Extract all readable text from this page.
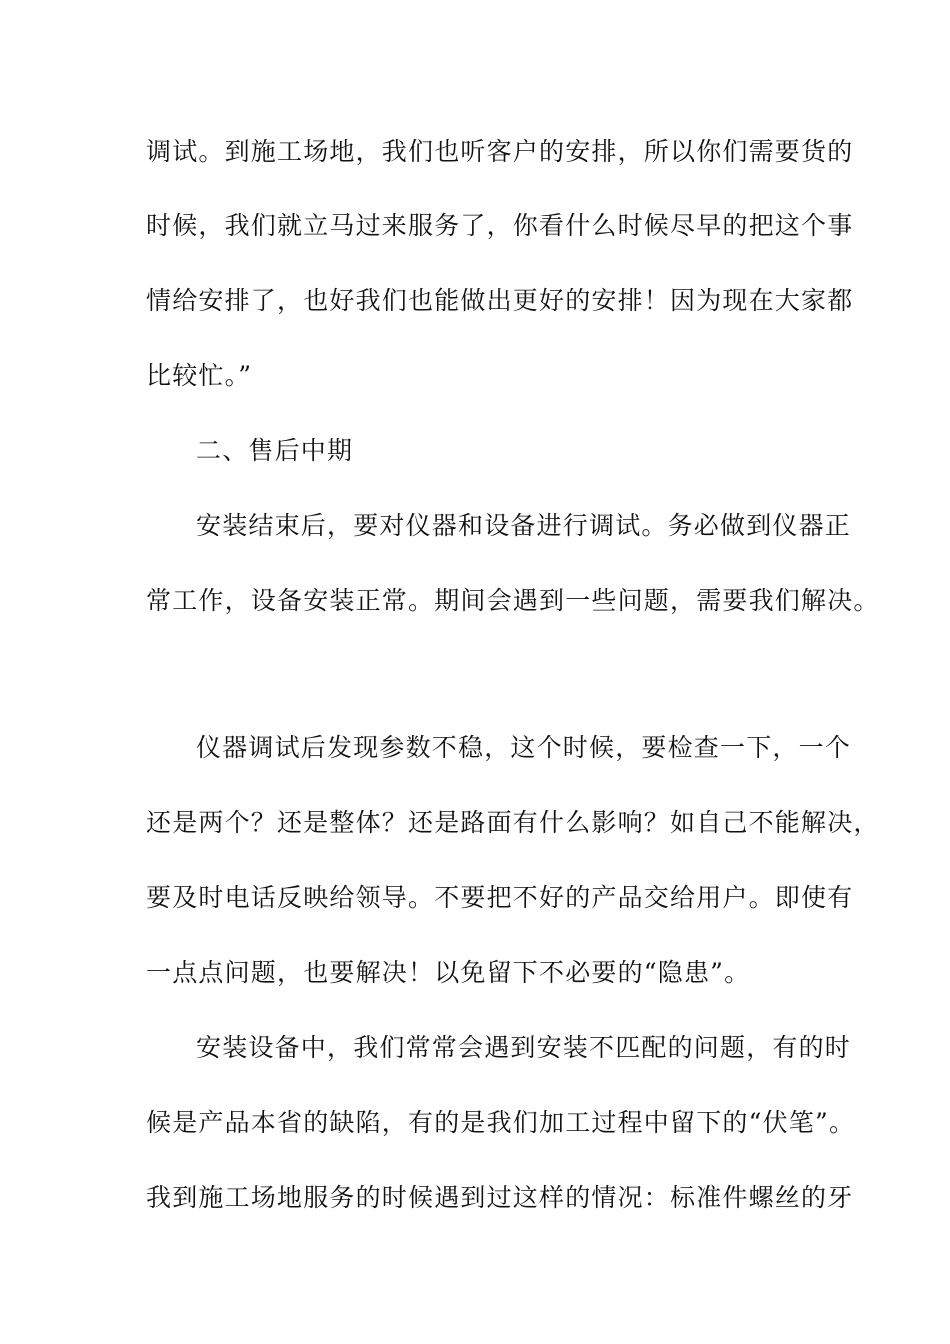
调试。到施工场地，我们也听客户的安排，所以你们需要货的
时候，我们就立马过来服务了，你看什么时候尽早的把这个事
情给安排了，也好我们也能做出更好的安排！因为现在大家都
比较忙。”
二、售后中期
安装结束后，要对仪器和设备进行调试。务必做到仪器正
常工作，设备安装正常。期间会遇到一些问题，需要我们解决。
仪器调试后发现参数不稳，这个时候，要检查一下，一个
还是两个？还是整体？还是路面有什么影响？如自己不能解决，
要及时电话反映给领导。不要把不好的产品交给用户。即使有
一点点问题，也要解决！以免留下不必要的“隐患”。
安装设备中，我们常常会遇到安装不匹配的问题，有的时
候是产品本省的缺陷，有的是我们加工过程中留下的“伏笔”。
我到施工场地服务的时候遇到过这样的情况：标准件螺丝的牙
